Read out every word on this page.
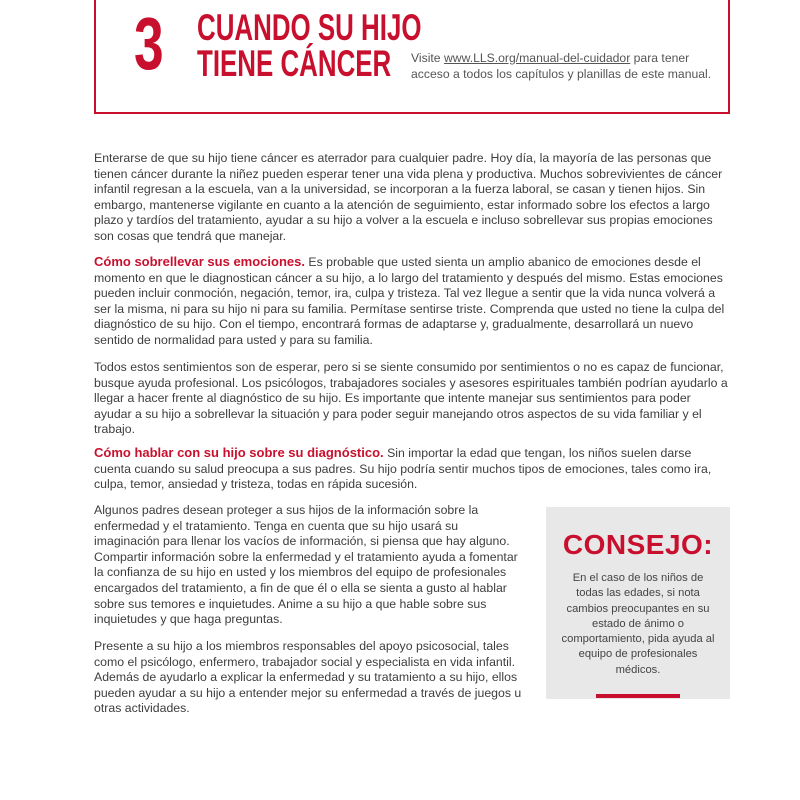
3 CUANDO SU HIJO
TIENE CÁNCER	Visite www.LLS.org/manual-del-cuidador para tener acceso a todos los capítulos y planillas de este manual.

Enterarse de que su hijo tiene cáncer es aterrador para cualquier padre. Hoy día, la mayoría de las personas que tienen cáncer durante la niñez pueden esperar tener una vida plena y productiva. Muchos sobrevivientes de cáncer infantil regresan a la escuela, van a la universidad, se incorporan a la fuerza laboral, se casan y tienen hijos. Sin embargo, mantenerse vigilante en cuanto a la atención de seguimiento, estar informado sobre los efectos a largo plazo y tardíos del tratamiento, ayudar a su hijo a volver a la escuela e incluso sobrellevar sus propias emociones son cosas que tendrá que manejar.

Cómo sobrellevar sus emociones. Es probable que usted sienta un amplio abanico de emociones desde el momento en que le diagnostican cáncer a su hijo, a lo largo del tratamiento y después del mismo. Estas emociones pueden incluir conmoción, negación, temor, ira, culpa y tristeza. Tal vez llegue a sentir que la vida nunca volverá a ser la misma, ni para su hijo ni para su familia. Permítase sentirse triste. Comprenda que usted no tiene la culpa del diagnóstico de su hijo. Con el tiempo, encontrará formas de adaptarse y, gradualmente, desarrollará un nuevo sentido de normalidad para usted y para su familia.

Todos estos sentimientos son de esperar, pero si se siente consumido por sentimientos o no es capaz de funcionar, busque ayuda profesional. Los psicólogos, trabajadores sociales y asesores espirituales también podrían ayudarlo a llegar a hacer frente al diagnóstico de su hijo. Es importante que intente manejar sus sentimientos para poder ayudar a su hijo a sobrellevar la situación y para poder seguir manejando otros aspectos de su vida familiar y el trabajo.

Cómo hablar con su hijo sobre su diagnóstico. Sin importar la edad que tengan, los niños suelen darse cuenta cuando su salud preocupa a sus padres. Su hijo podría sentir muchos tipos de emociones, tales como ira, culpa, temor, ansiedad y tristeza, todas en rápida sucesión.

Algunos padres desean proteger a sus hijos de la información sobre la enfermedad y el tratamiento. Tenga en cuenta que su hijo usará su imaginación para llenar los vacíos de información, si piensa que hay alguno. Compartir información sobre la enfermedad y el tratamiento ayuda a fomentar la confianza de su hijo en usted y los miembros del equipo de profesionales encargados del tratamiento, a fin de que él o ella se sienta a gusto al hablar sobre sus temores e inquietudes. Anime a su hijo a que hable sobre sus inquietudes y que haga preguntas.

Presente a su hijo a los miembros responsables del apoyo psicosocial, tales como el psicólogo, enfermero, trabajador social y especialista en vida infantil. Además de ayudarlo a explicar la enfermedad y su tratamiento a su hijo, ellos pueden ayudar a su hijo a entender mejor su enfermedad a través de juegos u otras actividades.

CONSEJO:
En el caso de los niños de todas las edades, si nota cambios preocupantes en su estado de ánimo o comportamiento, pida ayuda al equipo de profesionales médicos.
